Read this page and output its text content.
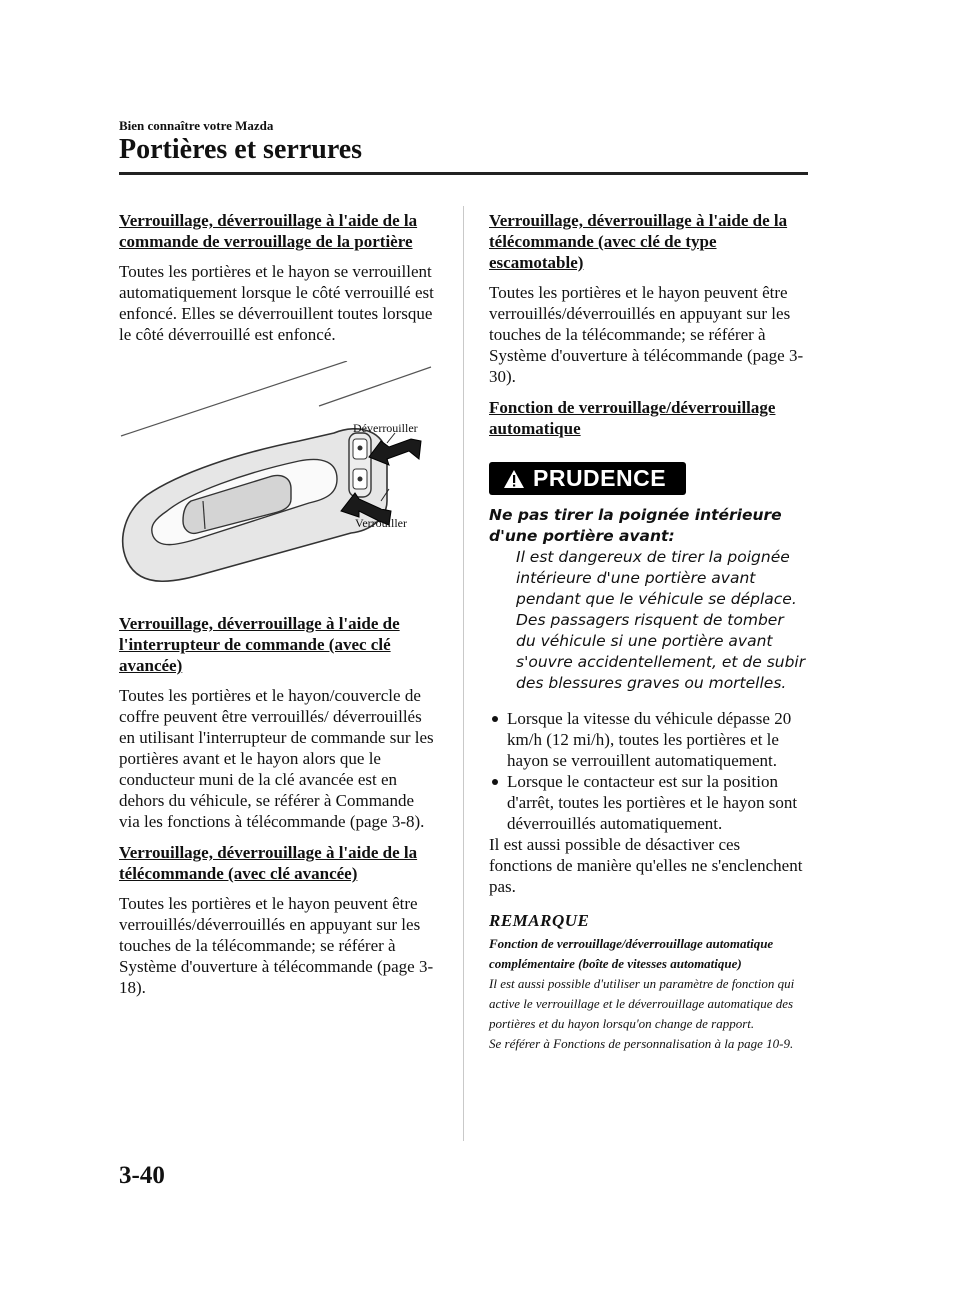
Bien connaître votre Mazda
Portières et serrures

Verrouillage, déverrouillage à l'aide de la commande de verrouillage de la portière

Toutes les portières et le hayon se verrouillent automatiquement lorsque le côté verrouillé est enfoncé. Elles se déverrouillent toutes lorsque le côté déverrouillé est enfoncé.

Déverrouiller
Verrouiller

Verrouillage, déverrouillage à l'aide de l'interrupteur de commande (avec clé avancée)

Toutes les portières et le hayon/couvercle de coffre peuvent être verrouillés/ déverrouillés en utilisant l'interrupteur de commande sur les portières avant et le hayon alors que le conducteur muni de la clé avancée est en dehors du véhicule, se référer à Commande via les fonctions à télécommande (page 3-8).

Verrouillage, déverrouillage à l'aide de la télécommande (avec clé avancée)

Toutes les portières et le hayon peuvent être verrouillés/déverrouillés en appuyant sur les touches de la télécommande; se référer à Système d'ouverture à télécommande (page 3-18).

Verrouillage, déverrouillage à l'aide de la télécommande (avec clé de type escamotable)

Toutes les portières et le hayon peuvent être verrouillés/déverrouillés en appuyant sur les touches de la télécommande; se référer à Système d'ouverture à télécommande (page 3-30).

Fonction de verrouillage/déverrouillage automatique

PRUDENCE

Ne pas tirer la poignée intérieure d'une portière avant:

Il est dangereux de tirer la poignée intérieure d'une portière avant pendant que le véhicule se déplace. Des passagers risquent de tomber du véhicule si une portière avant s'ouvre accidentellement, et de subir des blessures graves ou mortelles.

Lorsque la vitesse du véhicule dépasse 20 km/h (12 mi/h), toutes les portières et le hayon se verrouillent automatiquement.
Lorsque le contacteur est sur la position d'arrêt, toutes les portières et le hayon sont déverrouillés automatiquement.

Il est aussi possible de désactiver ces fonctions de manière qu'elles ne s'enclenchent pas.

REMARQUE

Fonction de verrouillage/déverrouillage automatique complémentaire (boîte de vitesses automatique)

Il est aussi possible d'utiliser un paramètre de fonction qui active le verrouillage et le déverrouillage automatique des portières et du hayon lorsqu'on change de rapport.

Se référer à Fonctions de personnalisation à la page 10-9.

3-40
